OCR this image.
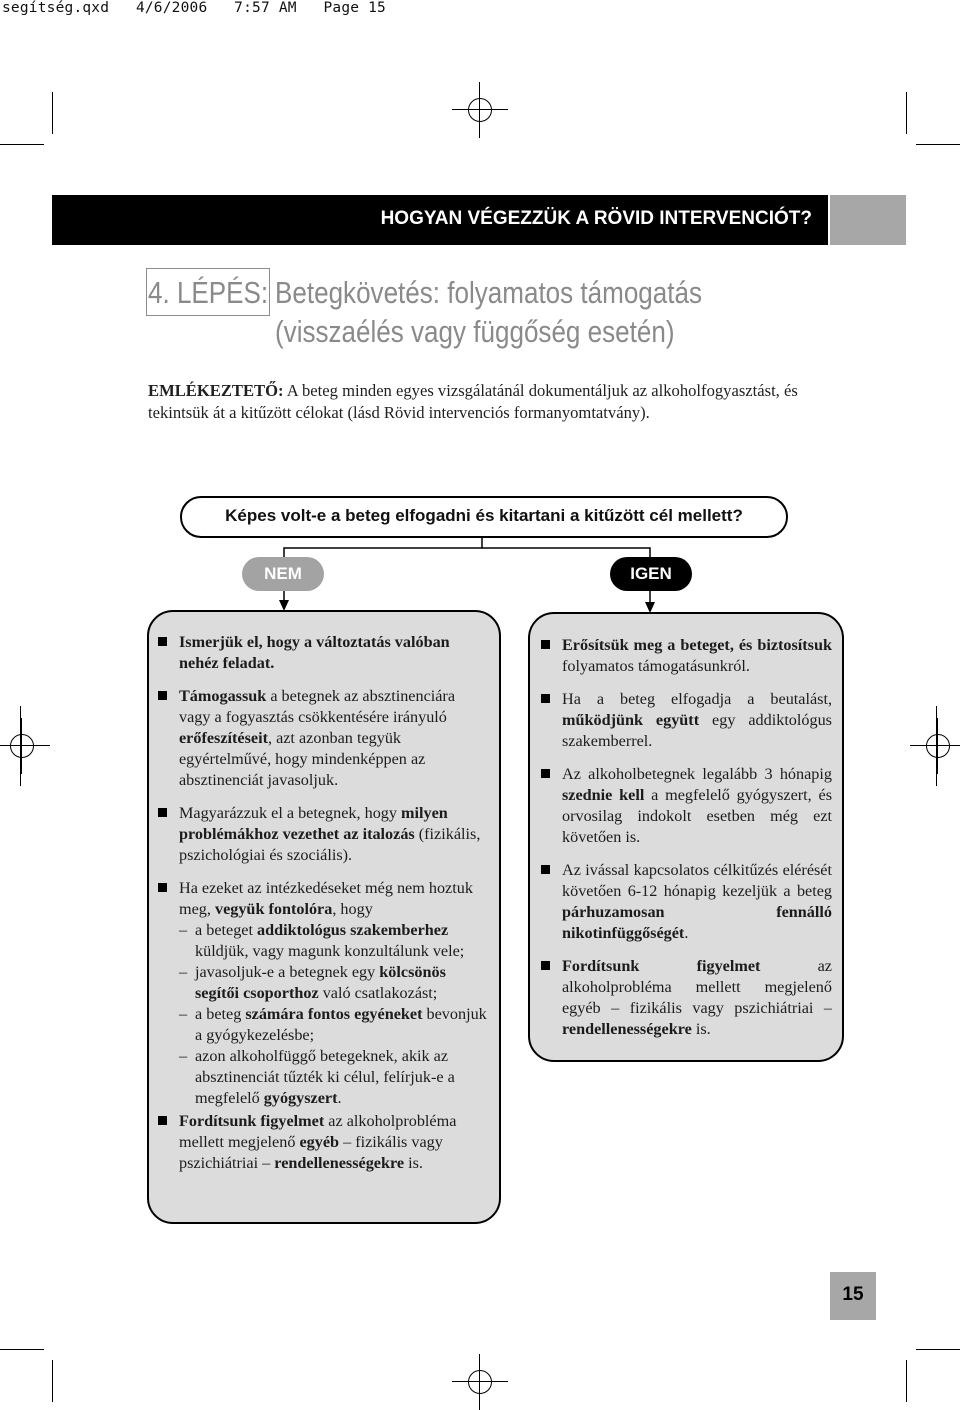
segítség.qxd   4/6/2006   7:57 AM   Page 15
HOGYAN VÉGEZZÜK A RÖVID INTERVENCIÓT?
4. LÉPÉS: Betegkövetés: folyamatos támogatás
(visszaélés vagy függőség esetén)
EMLÉKEZTETŐ: A beteg minden egyes vizsgálatánál dokumentáljuk az alkoholfogyasztást, és tekintsük át a kitűzött célokat (lásd Rövid intervenciós formanyomtatvány).
Képes volt-e a beteg elfogadni és kitartani a kitűzött cél mellett?
NEM	IGEN
Ismerjük el, hogy a változtatás valóban nehéz feladat.
Támogassuk a betegnek az absztinenciára vagy a fogyasztás csökkentésére irányuló erőfeszítéseit, azt azonban tegyük egyértelművé, hogy mindenképpen az absztinenciát javasoljuk.
Magyarázzuk el a betegnek, hogy milyen problémákhoz vezethet az italozás (fizikális, pszichológiai és szociális).
Ha ezeket az intézkedéseket még nem hoztuk meg, vegyük fontolóra, hogy
– a beteget addiktológus szakemberhez küldjük, vagy magunk konzultálunk vele;
– javasoljuk-e a betegnek egy kölcsönös segítői csoporthoz való csatlakozást;
– a beteg számára fontos egyéneket bevonjuk a gyógykezelésbe;
– azon alkoholfüggő betegeknek, akik az absztinenciát tűzték ki célul, felírjuk-e a megfelelő gyógyszert.
Fordítsunk figyelmet az alkoholprobléma mellett megjelenő egyéb – fizikális vagy pszichiátriai – rendellenességekre is.
Erősítsük meg a beteget, és biztosítsuk folyamatos támogatásunkról.
Ha a beteg elfogadja a beutalást, működjünk együtt egy addiktológus szakemberrel.
Az alkoholbetegnek legalább 3 hónapig szednie kell a megfelelő gyógyszert, és orvosilag indokolt esetben még ezt követően is.
Az ivással kapcsolatos célkitűzés elérését követően 6-12 hónapig kezeljük a beteg párhuzamosan fennálló nikotinfüggőségét.
Fordítsunk figyelmet az alkoholprobléma mellett megjelenő egyéb – fizikális vagy pszichiátriai – rendellenességekre is.
15
